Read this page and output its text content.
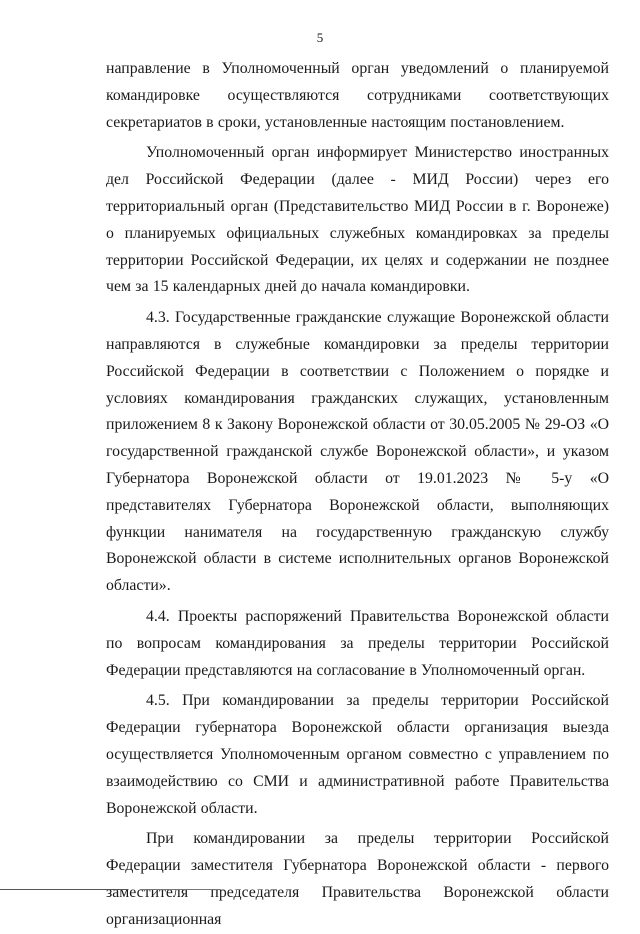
5

направление в Уполномоченный орган уведомлений о планируемой командировке осуществляются сотрудниками соответствующих секретариатов в сроки, установленные настоящим постановлением.

Уполномоченный орган информирует Министерство иностранных дел Российской Федерации (далее - МИД России) через его территориальный орган (Представительство МИД России в г. Воронеже) о планируемых официальных служебных командировках за пределы территории Российской Федерации, их целях и содержании не позднее чем за 15 календарных дней до начала командировки.

4.3. Государственные гражданские служащие Воронежской области направляются в служебные командировки за пределы территории Российской Федерации в соответствии с Положением о порядке и условиях командирования гражданских служащих, установленным приложением 8 к Закону Воронежской области от 30.05.2005 № 29-ОЗ «О государственной гражданской службе Воронежской области», и указом Губернатора Воронежской области от 19.01.2023 № 5-у «О представителях Губернатора Воронежской области, выполняющих функции нанимателя на государственную гражданскую службу Воронежской области в системе исполнительных органов Воронежской области».

4.4. Проекты распоряжений Правительства Воронежской области по вопросам командирования за пределы территории Российской Федерации представляются на согласование в Уполномоченный орган.

4.5. При командировании за пределы территории Российской Федерации губернатора Воронежской области организация выезда осуществляется Уполномоченным органом совместно с управлением по взаимодействию со СМИ и административной работе Правительства Воронежской области.

При командировании за пределы территории Российской Федерации заместителя Губернатора Воронежской области - первого заместителя председателя Правительства Воронежской области организационная
